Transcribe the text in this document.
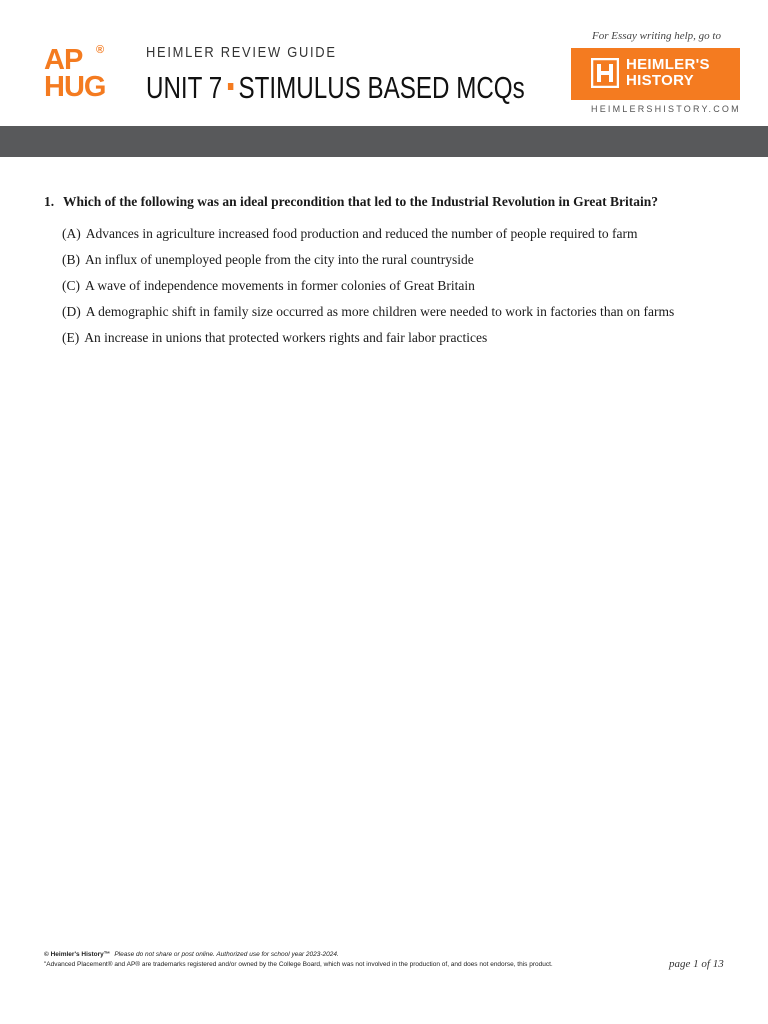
AP ®
HUG
HEIMLER REVIEW GUIDE
UNIT 7 STIMULUS BASED MCQs
For Essay writing help, go to
HEIMLER'S
HISTORY
HEIMLERSHISTORY.COM
1. Which of the following was an ideal precondition that led to the Industrial Revolution in Great Britain?
(A) Advances in agriculture increased food production and reduced the number of people required to farm
(B) An influx of unemployed people from the city into the rural countryside
(C) A wave of independence movements in former colonies of Great Britain
(D) A demographic shift in family size occurred as more children were needed to work in factories than on farms
(E) An increase in unions that protected workers rights and fair labor practices
© Heimler's History™ Please do not share or post online. Authorized use for school year 2023-2024.
"Advanced Placement® and AP® are trademarks registered and/or owned by the College Board, which was not involved in the production of, and does not endorse, this product.	page 1 of 13
